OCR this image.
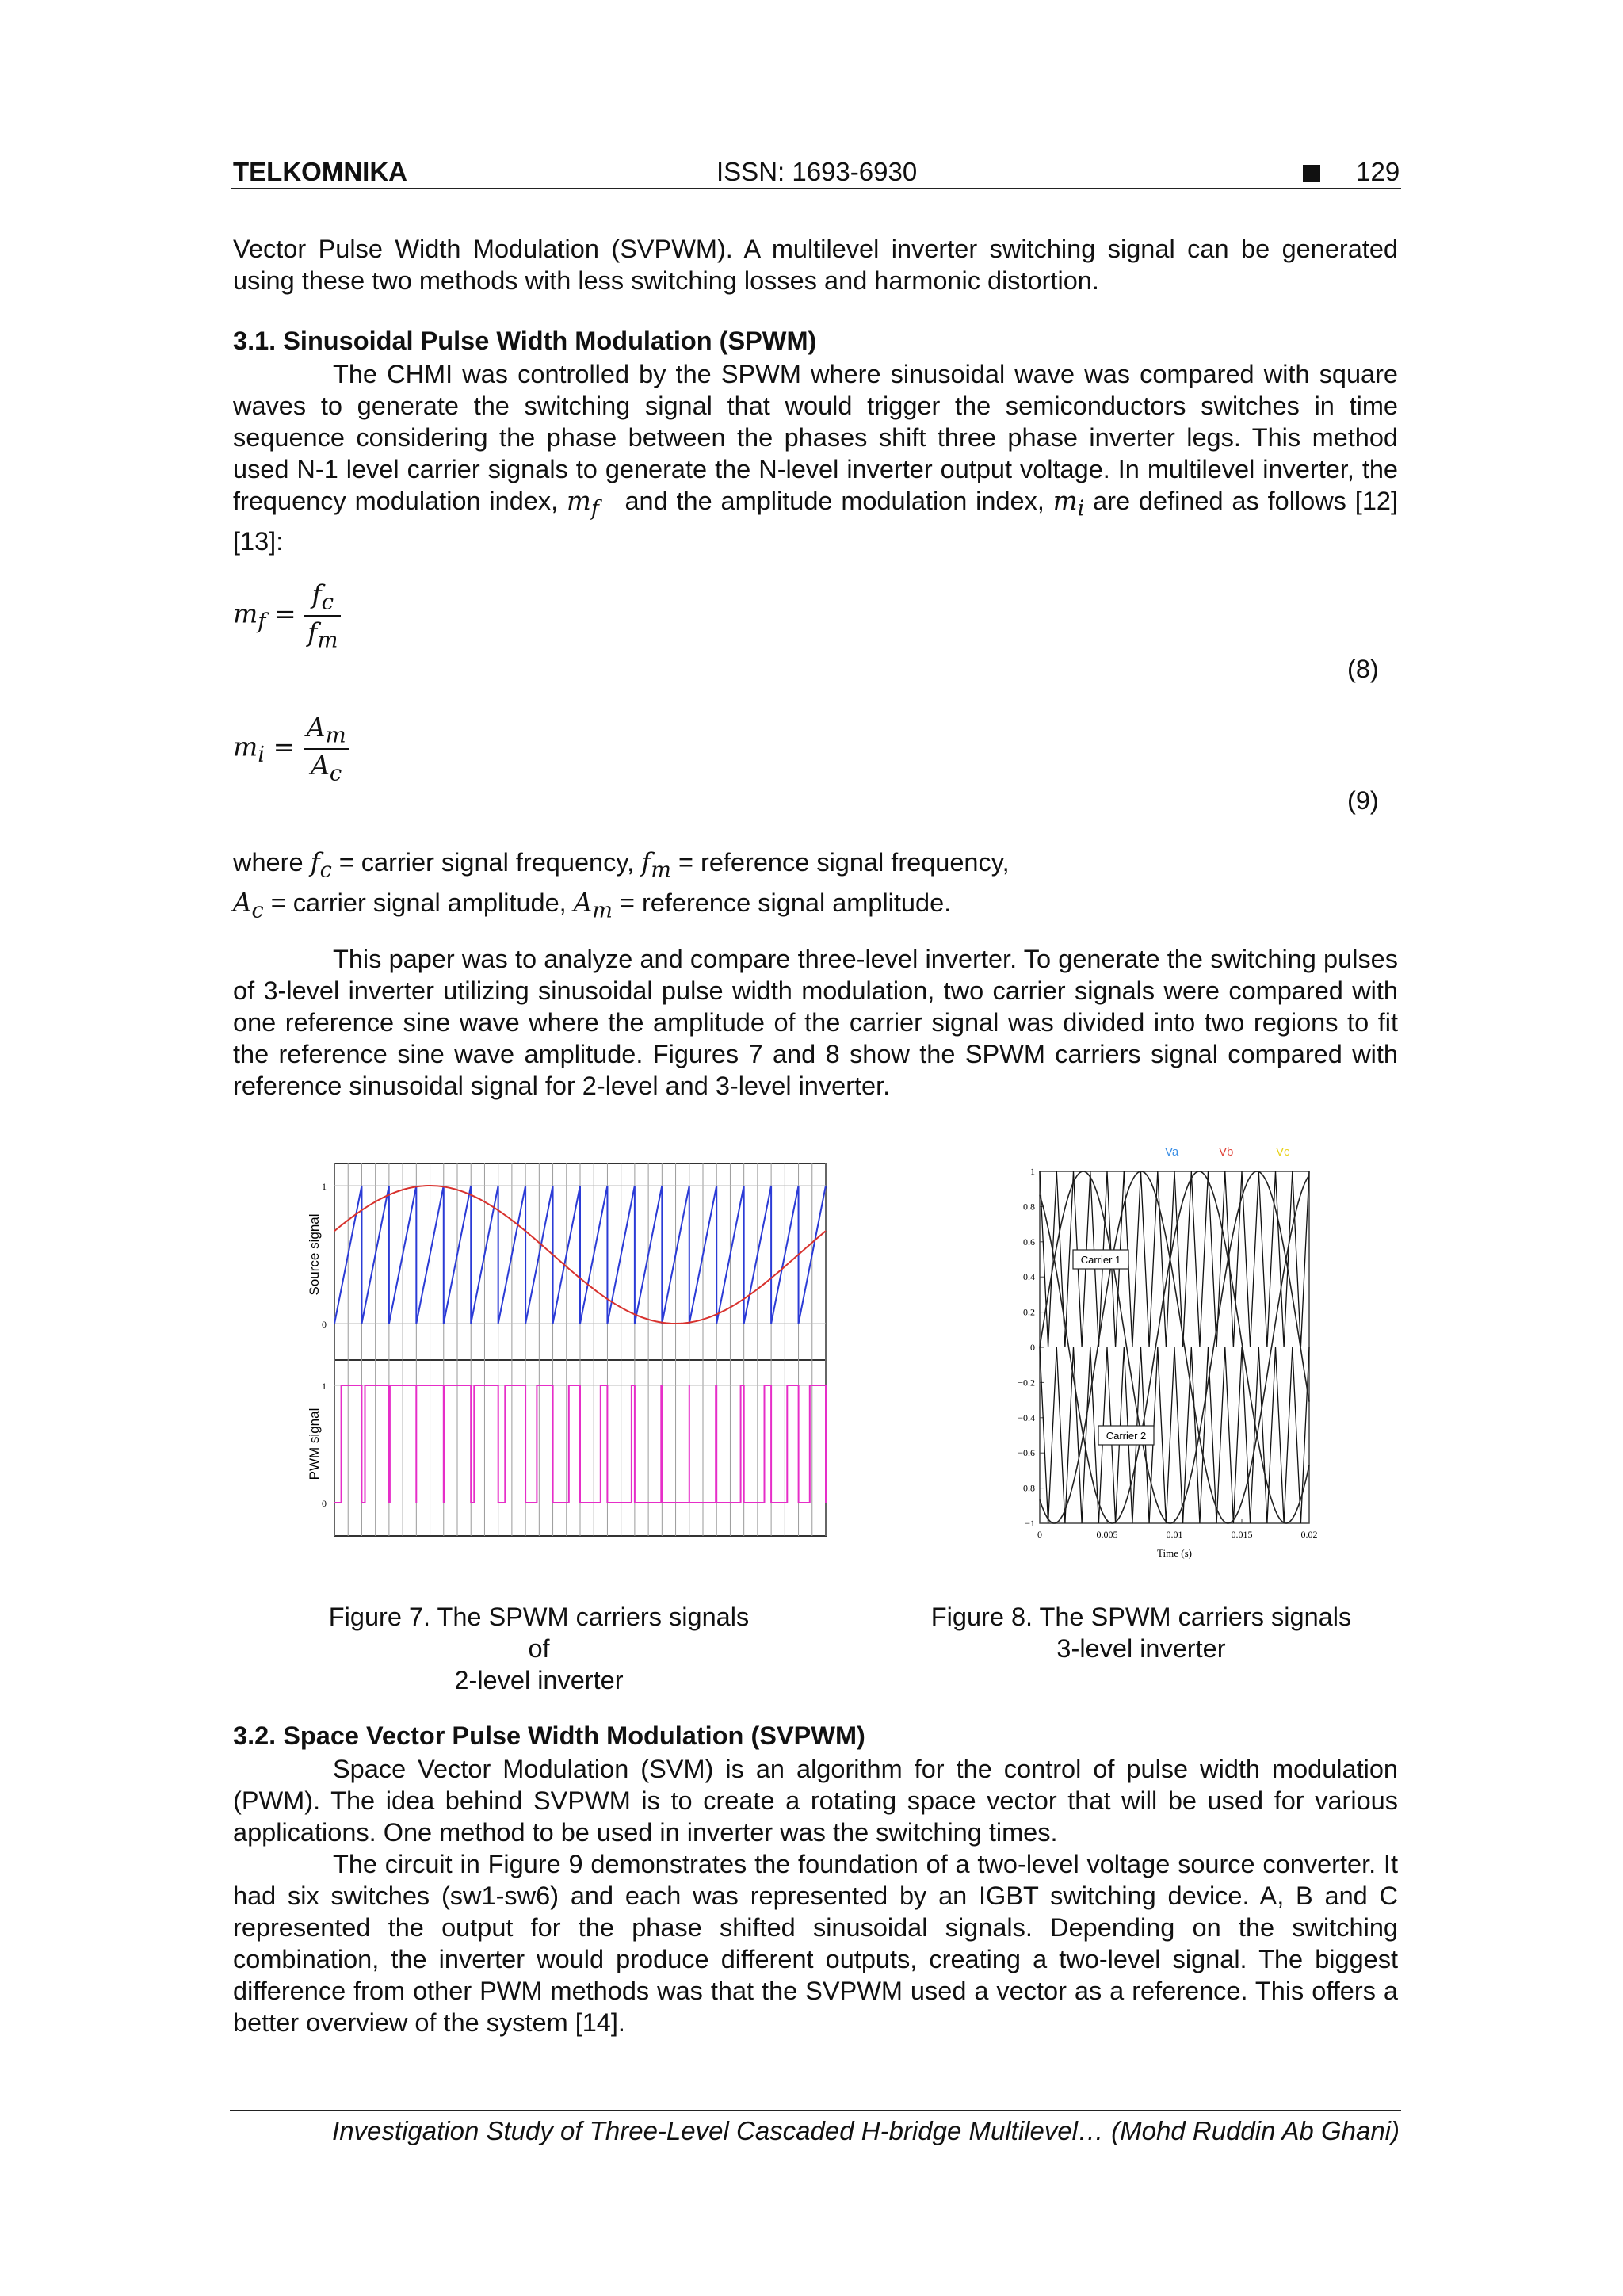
TELKOMNIKA	ISSN: 1693-6930	129

Vector Pulse Width Modulation (SVPWM). A multilevel inverter switching signal can be generated using these two methods with less switching losses and harmonic distortion.

3.1. Sinusoidal Pulse Width Modulation (SPWM)

The CHMI was controlled by the SPWM where sinusoidal wave was compared with square waves to generate the switching signal that would trigger the semiconductors switches in time sequence considering the phase between the phases shift three phase inverter legs. This method used N-1 level carrier signals to generate the N-level inverter output voltage. In multilevel inverter, the frequency modulation index, $m_f$ and the amplitude modulation index, $m_i$ are defined as follows [12][13]:

$m_f = \frac{f_c}{f_m}$
(8)
$m_i = \frac{A_m}{A_c}$
(9)
where $f_c$ = carrier signal frequency, $f_m$ = reference signal frequency,
$A_c$ = carrier signal amplitude, $A_m$ = reference signal amplitude.

This paper was to analyze and compare three-level inverter. To generate the switching pulses of 3-level inverter utilizing sinusoidal pulse width modulation, two carrier signals were compared with one reference sine wave where the amplitude of the carrier signal was divided into two regions to fit the reference sine wave amplitude. Figures 7 and 8 show the SPWM carriers signal compared with reference sinusoidal signal for 2-level and 3-level inverter.

1
0
1
0
Source signal
PWM signal
Va	Vb	Vc
1
0.8
0.6
0.4
0.2
0
−0.2
−0.4
−0.6
−0.8
−1
0	0.005	0.01	0.015	0.02
Time (s)
Carrier 1
Carrier 2
Figure 7. The SPWM carriers signals of
2-level inverter
Figure 8. The SPWM carriers signals
3-level inverter
3.2. Space Vector Pulse Width Modulation (SVPWM)

Space Vector Modulation (SVM) is an algorithm for the control of pulse width modulation (PWM). The idea behind SVPWM is to create a rotating space vector that will be used for various applications. One method to be used in inverter was the switching times.

The circuit in Figure 9 demonstrates the foundation of a two-level voltage source converter. It had six switches (sw1-sw6) and each was represented by an IGBT switching device. A, B and C represented the output for the phase shifted sinusoidal signals. Depending on the switching combination, the inverter would produce different outputs, creating a two-level signal. The biggest difference from other PWM methods was that the SVPWM used a vector as a reference. This offers a better overview of the system [14].

Investigation Study of Three-Level Cascaded H-bridge Multilevel… (Mohd Ruddin Ab Ghani)
